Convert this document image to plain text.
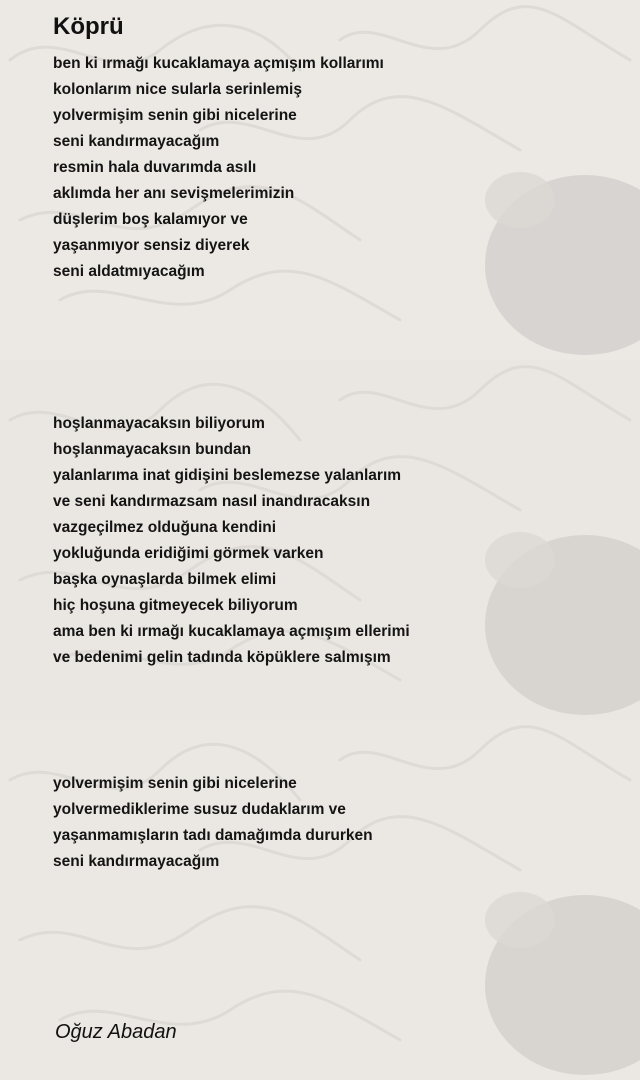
Köprü
ben ki ırmağı kucaklamaya açmışım kollarımı
kolonlarım nice sularla serinlemiş
yolvermişim senin gibi nicelerine
seni kandırmayacağım
resmin hala duvarımda asılı
aklımda her anı sevişmelerimizin
düşlerim boş kalamıyor ve
yaşanmıyor sensiz diyerek
seni aldatmıyacağım
hoşlanmayacaksın biliyorum
hoşlanmayacaksın bundan
yalanlarıma inat gidişini beslemezse yalanlarım
ve seni kandırmazsam nasıl inandıracaksın
vazgeçilmez olduğuna kendini
yokluğunda eridiğimi görmek varken
başka oynaşlarda bilmek elimi
hiç hoşuna gitmeyecek biliyorum
ama ben ki ırmağı kucaklamaya açmışım ellerimi
ve bedenimi gelin tadında köpüklere salmışım
yolvermişim senin gibi nicelerine
yolvermediklerime susuz dudaklarım ve
yaşanmamışların tadı damağımda dururken
seni kandırmayacağım
Oğuz Abadan
